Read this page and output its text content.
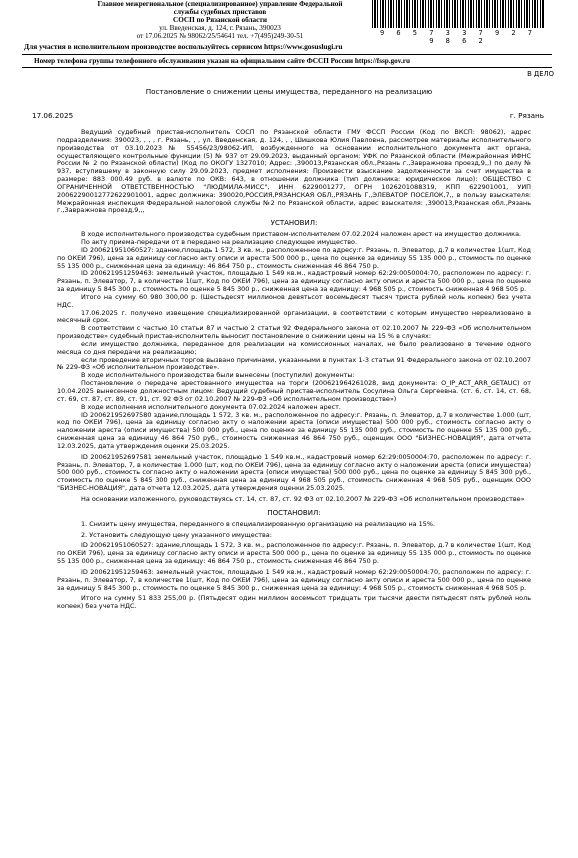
Главное межрегиональное (специализированное) управление Федеральной
службы судебных приставов
СОСП по Рязанской области
ул. Введенская, д. 124, г. Рязань, 390023
от 17.06.2025 № 98062/25/54641 тел. +7(495)249-30-51	9 6 5 7 3 3 7 9 2 7 9 8 6 2
Для участия в исполнительном производстве воспользуйтесь сервисом https://www.gosuslugi.ru
Номер телефона группы телефонного обслуживания указан на официальном сайте ФССП России https://fssp.gov.ru
В ДЕЛО
Постановление о снижении цены имущества, переданного на реализацию
17.06.2025	г. Рязань

Ведущий судебный пристав-исполнитель СОСП по Рязанской области ГМУ ФССП России (Код по ВКСП: 98062), адрес подразделения: 390023, , , , г. Рязань, , , ул. Введенская, д. 124, , , Шишкова Юлия Павловна, рассмотрев материалы исполнительного производства от 03.10.2023 № 55456/23/98062-ИП, возбужденного на основании исполнительного документа акт органа, осуществляющего контрольные функции (5) № 937 от 29.09.2023, выданный органом: УФК по Рязанской области (Межрайонная ИФНС России № 2 по Рязанской области) (Код по ОКОГУ 1327010; Адрес: ,390013,Рязанская обл.,Рязань г.,Завражнова проезд,9,,) по делу № 937, вступившему в законную силу 29.09.2023, предмет исполнения: Произвести взыскание задолженности за счет имущества в размере: 883 000.49 руб. в валюте по ОКВ: 643, в отношении должника (тип должника: юридическое лицо): ОБЩЕСТВО С ОГРАНИЧЕННОЙ ОТВЕТСТВЕННОСТЬЮ "ЛЮДМИЛА-МИСС", ИНН 6229001277, ОГРН 1026201088319, КПП 622901001, УИП 20062290012772622901001, адрес должника: 390020,РОССИЯ,РЯЗАНСКАЯ ОБЛ,,РЯЗАНЬ Г,,ЭЛЕВАТОР ПОСЕЛОК,7,, в пользу взыскателя: Межрайонная инспекция Федеральной налоговой службы №2 по Рязанской области, адрес взыскателя: ,390013,Рязанская обл.,Рязань г.,Завражнова проезд,9,,,

УСТАНОВИЛ:

В ходе исполнительного производства судебным приставом-исполнителем 07.02.2024 наложен арест на имущество должника.

По акту приема-передачи от в передано на реализацию следующее имущество.

ID 200621951060527: здание,площадь 1 572, 3 кв. м., расположенное по адресу:г. Рязань, п. Элеватор, д.7 в количестве 1(шт, Код по ОКЕИ 796), цена за единицу согласно акту описи и ареста 500 000 р., цена по оценке за единицу 55 135 000 р., стоимость по оценке 55 135 000 р., сниженная цена за единицу: 46 864 750 р., стоимость сниженная 46 864 750 р.

ID 200621951259463: земельный участок, площадью 1 549 кв.м., кадастровый номер 62:29:0050004:70, расположен по адресу: г. Рязань, п. Элеватор, 7, в количестве 1(шт, Код по ОКЕИ 796), цена за единицу согласно акту описи и ареста 500 000 р., цена по оценке за единицу 5 845 300 р., стоимость по оценке 5 845 300 р., сниженная цена за единицу: 4 968 505 р., стоимость сниженная 4 968 505 р.

Итого на сумму 60 980 300,00 р. (Шестьдесят миллионов девятьсот восемьдесят тысяч триста рублей ноль копеек) без учета НДС.

17.06.2025 г. получено извещение специализированной организации, в соответствии с которым имущество нереализовано в месячный срок.

В соответствии с частью 10 статьи 87 и частью 2 статьи 92 Федерального закона от 02.10.2007 № 229-ФЗ «Об исполнительном производстве» судебный пристав-исполнитель выносит постановление о снижении цены на 15 % в случаях:

если имущество должника, переданное для реализации на комиссионных началах, не было реализовано в течение одного месяца со дня передачи на реализацию;

если проведение вторичных торгов вызвано причинами, указанными в пунктах 1-3 статьи 91 Федерального закона от 02.10.2007 № 229-ФЗ «Об исполнительном производстве».

В ходе исполнительного производства были вынесены (поступили) документы:

Постановление о передаче арестованного имущества на торги (200621964261028, вид документа: O_IP_ACT_ARR_GETAUC) от 10.04.2025 вынесенное должностным лицом: Ведущий судебный пристав-исполнитель Сосулина Ольга Сергеевна. (ст. 6, ст. 14, ст. 68, ст. 69, ст. 87, ст. 89, ст. 91, ст. 92 ФЗ от 02.10.2007 № 229-ФЗ «Об исполнительном производстве»)

В ходе исполнения исполнительного документа 07.02.2024 наложен арест.

ID 200621952697580 здание,площадь 1 572, 3 кв. м., расположенное по адресу:г. Рязань, п. Элеватор, д.7 в количестве 1.000 (шт, код по ОКЕИ 796), цена за единицу согласно акту о наложении ареста (описи имущества) 500 000 руб., стоимость согласно акту о наложении ареста (описи имущества) 500 000 руб., цена по оценке за единицу 55 135 000 руб., стоимость по оценке 55 135 000 руб., сниженная цена за единицу 46 864 750 руб., стоимость сниженная 46 864 750 руб., оценщик ООО "БИЗНЕС-НОВАЦИЯ", дата отчета 12.03.2025, дата утверждения оценки 25.03.2025.

ID 200621952697581 земельный участок, площадью 1 549 кв.м., кадастровый номер 62:29:0050004:70, расположен по адресу: г. Рязань, п. Элеватор, 7, в количестве 1.000 (шт, код по ОКЕИ 796), цена за единицу согласно акту о наложении ареста (описи имущества) 500 000 руб., стоимость согласно акту о наложении ареста (описи имущества) 500 000 руб., цена по оценке за единицу 5 845 300 руб., стоимость по оценке 5 845 300 руб., сниженная цена за единицу 4 968 505 руб., стоимость сниженная 4 968 505 руб., оценщик ООО "БИЗНЕС-НОВАЦИЯ", дата отчета 12.03.2025, дата утверждения оценки 25.03.2025.

На основании изложенного, руководствуясь ст. 14, ст. 87, ст. 92 ФЗ от 02.10.2007 № 229-ФЗ «Об исполнительном производстве»

ПОСТАНОВИЛ:

1. Снизить цену имущества, переданного в специализированную организацию на реализацию на 15%.

2. Установить следующую цену указанного имущества:

ID 200621951060527: здание,площадь 1 572, 3 кв. м., расположенное по адресу:г. Рязань, п. Элеватор, д.7 в количестве 1(шт, Код по ОКЕИ 796), цена за единицу согласно акту описи и ареста 500 000 р., цена по оценке за единицу 55 135 000 р., стоимость по оценке 55 135 000 р., сниженная цена за единицу: 46 864 750 р., стоимость сниженная 46 864 750 р.

ID 200621951259463: земельный участок, площадью 1 549 кв.м., кадастровый номер 62:29:0050004:70, расположен по адресу: г. Рязань, п. Элеватор, 7, в количестве 1(шт, Код по ОКЕИ 796), цена за единицу согласно акту описи и ареста 500 000 р., цена по оценке за единицу 5 845 300 р., стоимость по оценке 5 845 300 р., сниженная цена за единицу: 4 968 505 р., стоимость сниженная 4 968 505 р.

Итого на сумму 51 833 255,00 р. (Пятьдесят один миллион восемьсот тридцать три тысячи двести пятьдесят пять рублей ноль копеек) без учета НДС.
